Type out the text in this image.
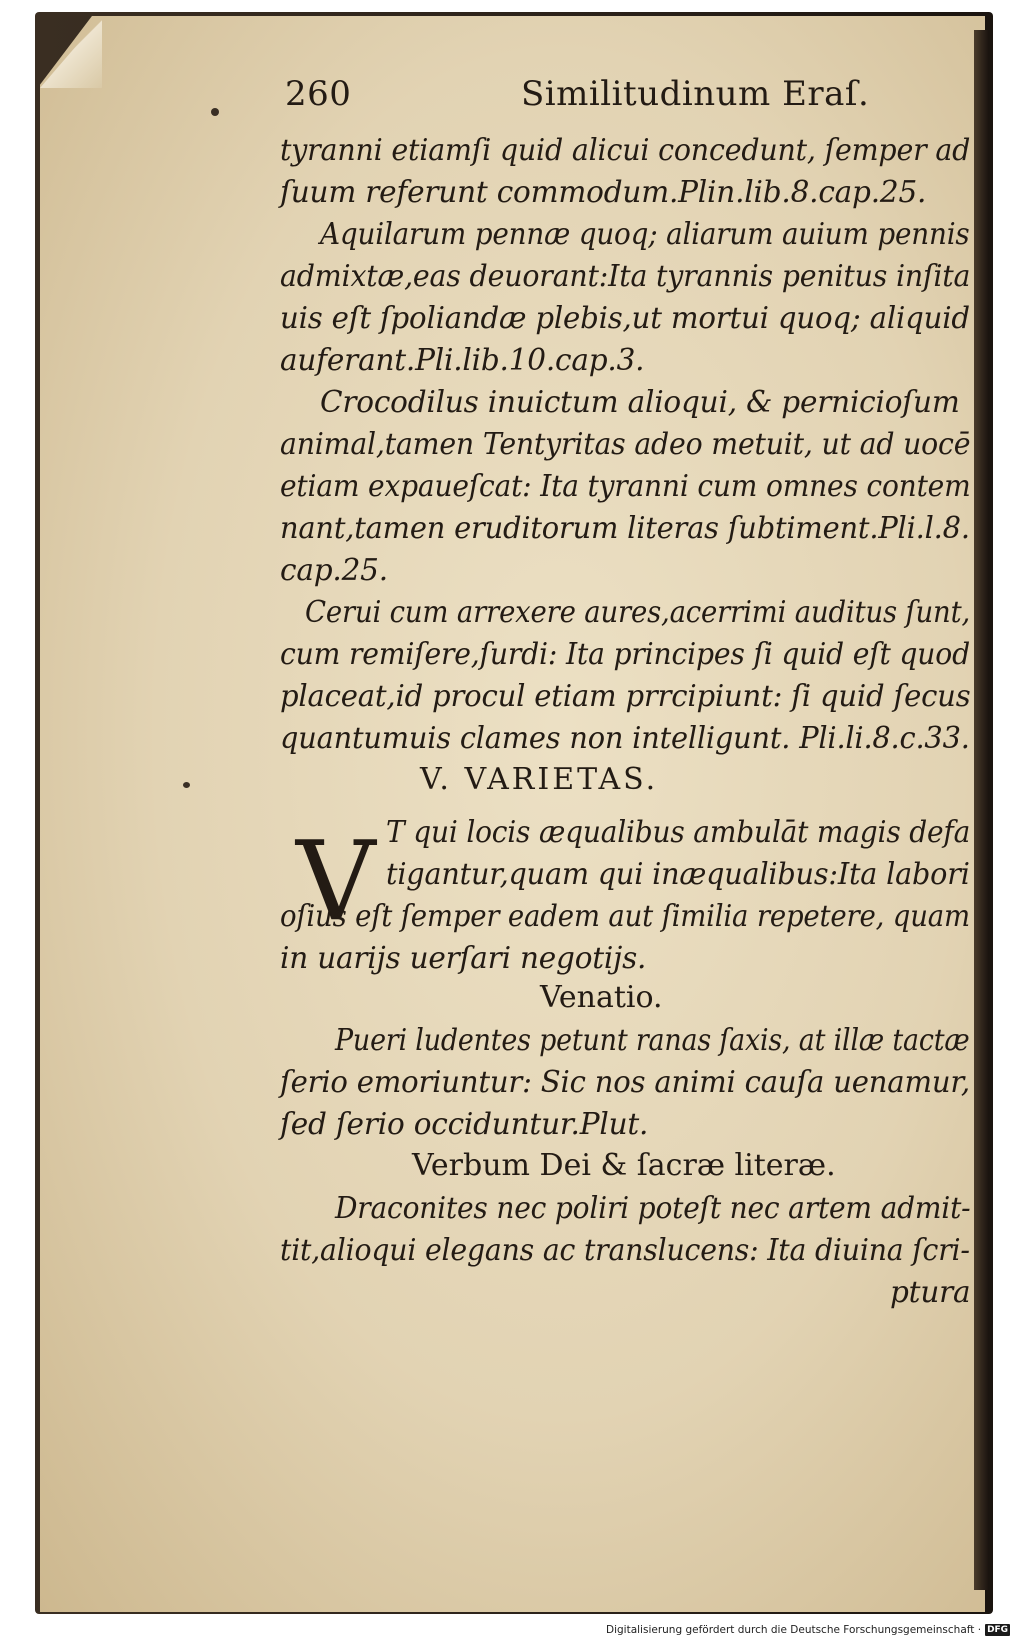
260	Similitudinum Eraſ.
tyranni etiamſi quid alicui concedunt, ſemper ad
ſuum referunt commodum.Plin.lib.8.cap.25.
Aquilarum pennæ quoq; aliarum auium pennis
admixtæ,eas deuorant:Ita tyrannis penitus inſita
uis eſt ſpoliandæ plebis,ut mortui quoq; aliquid
auferant.Pli.lib.10.cap.3.
Crocodilus inuictum alioqui, & pernicioſum
animal,tamen Tentyritas adeo metuit, ut ad uocē
etiam expaueſcat: Ita tyranni cum omnes contem
nant,tamen eruditorum literas ſubtiment.Pli.l.8.
cap.25.
Cerui cum arrexere aures,acerrimi auditus ſunt,
cum remiſere,ſurdi: Ita principes ſi quid eſt quod
placeat,id procul etiam prrcipiunt: ſi quid ſecus
quantumuis clames non intelligunt. Pli.li.8.c.33.
V. VARIETAS.
V T qui locis æqualibus ambulāt magis defa
tigantur,quam qui inæqualibus:Ita labori
oſius eſt ſemper eadem aut ſimilia repetere, quam
in uarijs uerſari negotijs.
Venatio.
Pueri ludentes petunt ranas ſaxis, at illæ tactæ
ſerio emoriuntur: Sic nos animi cauſa uenamur,
ſed ſerio occiduntur.Plut.
Verbum Dei & ſacræ literæ.
Draconites nec poliri poteſt nec artem admit-
tit,alioqui elegans ac translucens: Ita diuina ſcri-
ptura
Digitalisierung gefördert durch die Deutsche Forschungsgemeinschaft · DFG
